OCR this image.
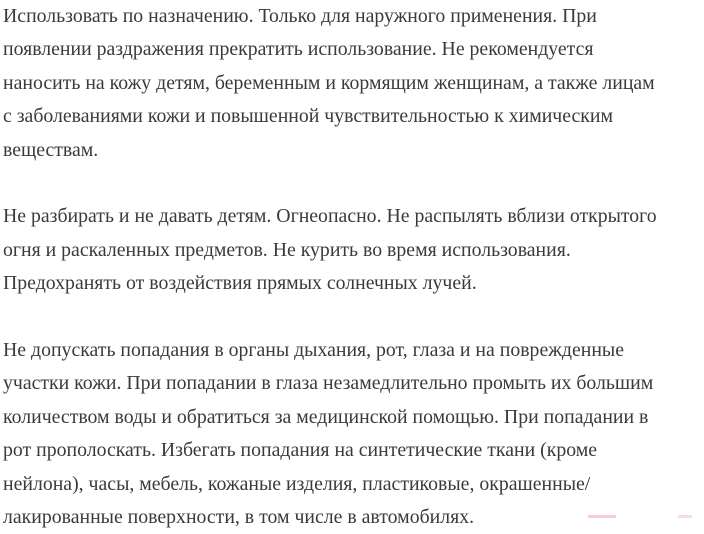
Использовать по назначению. Только для наружного применения. При
появлении раздражения прекратить использование. Не рекомендуется
наносить на кожу детям, беременным и кормящим женщинам, а также лицам
с заболеваниями кожи и повышенной чувствительностью к химическим
веществам.

Не разбирать и не давать детям. Огнеопасно. Не распылять вблизи открытого
огня и раскаленных предметов. Не курить во время использования.
Предохранять от воздействия прямых солнечных лучей.

Не допускать попадания в органы дыхания, рот, глаза и на поврежденные
участки кожи. При попадании в глаза незамедлительно промыть их большим
количеством воды и обратиться за медицинской помощью. При попадании в
рот прополоскать. Избегать попадания на синтетические ткани (кроме
нейлона), часы, мебель, кожаные изделия, пластиковые, окрашенные/
лакированные поверхности, в том числе в автомобилях.
